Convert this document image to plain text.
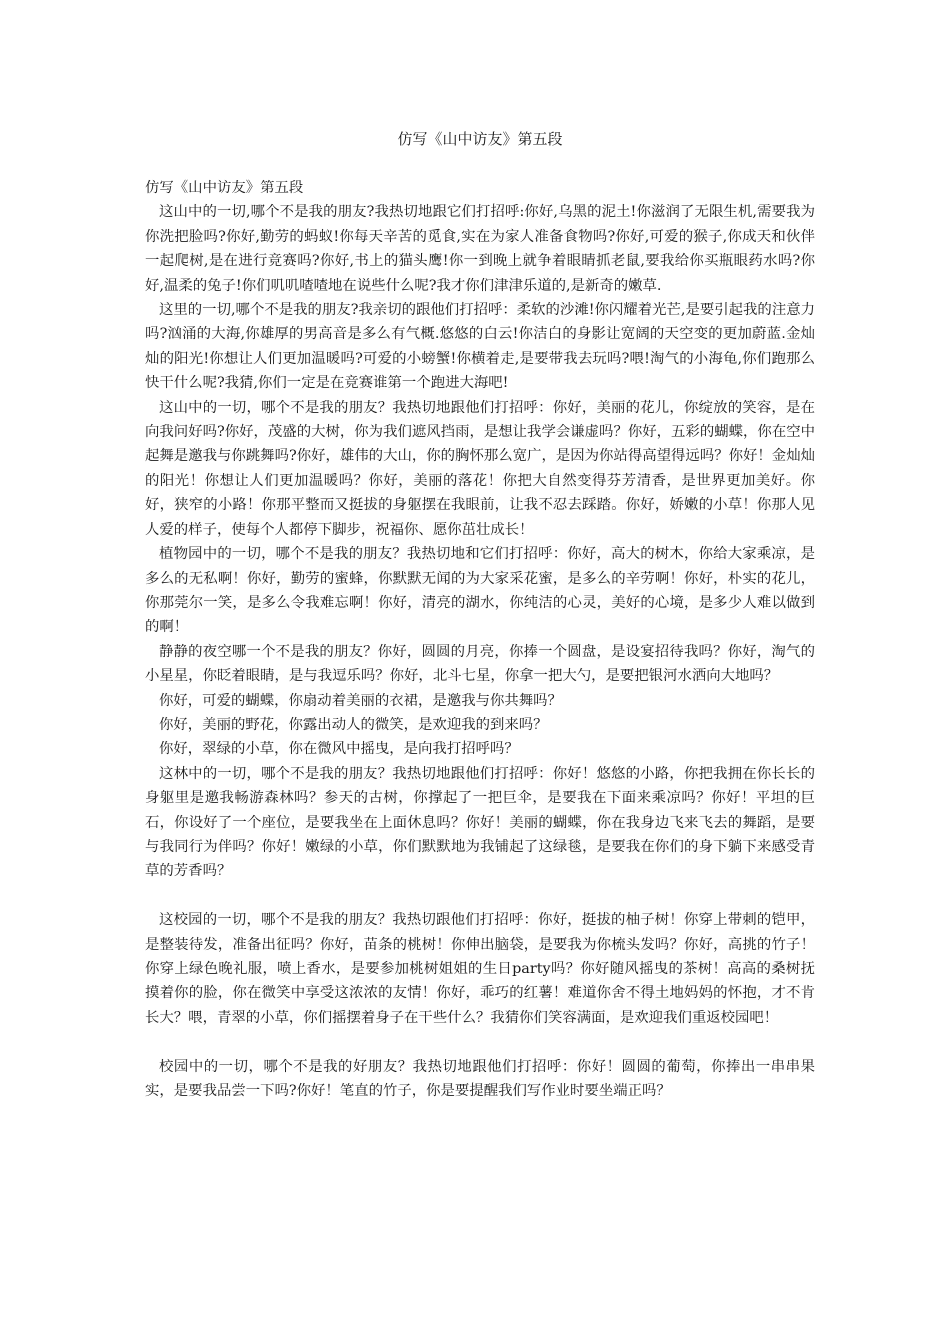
仿写《山中访友》第五段

仿写《山中访友》第五段

这山中的一切,哪个不是我的朋友?我热切地跟它们打招呼:你好,乌黑的泥土!你滋润了无限生机,需要我为你洗把脸吗?你好,勤劳的蚂蚁!你每天辛苦的觅食,实在为家人准备食物吗?你好,可爱的猴子,你成天和伙伴一起爬树,是在进行竞赛吗?你好,书上的猫头鹰!你一到晚上就争着眼睛抓老鼠,要我给你买瓶眼药水吗?你好,温柔的兔子!你们叽叽喳喳地在说些什么呢?我才你们津津乐道的,是新奇的嫩草.

这里的一切,哪个不是我的朋友?我亲切的跟他们打招呼：柔软的沙滩!你闪耀着光芒,是要引起我的注意力吗?汹涌的大海,你雄厚的男高音是多么有气概.悠悠的白云!你洁白的身影让宽阔的天空变的更加蔚蓝.金灿灿的阳光!你想让人们更加温暖吗?可爱的小螃蟹!你横着走,是要带我去玩吗?喂!淘气的小海龟,你们跑那么快干什么呢?我猜,你们一定是在竞赛谁第一个跑进大海吧!

这山中的一切，哪个不是我的朋友？我热切地跟他们打招呼：你好，美丽的花儿，你绽放的笑容，是在向我问好吗?你好，茂盛的大树，你为我们遮风挡雨，是想让我学会谦虚吗？你好，五彩的蝴蝶，你在空中起舞是邀我与你跳舞吗?你好，雄伟的大山，你的胸怀那么宽广，是因为你站得高望得远吗？你好！金灿灿的阳光！你想让人们更加温暖吗？你好，美丽的落花！你把大自然变得芬芳清香，是世界更加美好。你好，狭窄的小路！你那平整而又挺拔的身躯摆在我眼前，让我不忍去踩踏。你好，娇嫩的小草！你那人见人爱的样子，使每个人都停下脚步，祝福你、愿你茁壮成长！

植物园中的一切，哪个不是我的朋友？我热切地和它们打招呼：你好，高大的树木，你给大家乘凉，是多么的无私啊！你好，勤劳的蜜蜂，你默默无闻的为大家采花蜜，是多么的辛劳啊！你好，朴实的花儿，你那莞尔一笑，是多么令我难忘啊！你好，清亮的湖水，你纯洁的心灵，美好的心境，是多少人难以做到的啊！

静静的夜空哪一个不是我的朋友？你好，圆圆的月亮，你捧一个圆盘，是设宴招待我吗？你好，淘气的小星星，你眨着眼睛，是与我逗乐吗？你好，北斗七星，你拿一把大勺，是要把银河水洒向大地吗？

你好，可爱的蝴蝶，你扇动着美丽的衣裙，是邀我与你共舞吗？

你好，美丽的野花，你露出动人的微笑，是欢迎我的到来吗？

你好，翠绿的小草，你在微风中摇曳，是向我打招呼吗？

这林中的一切，哪个不是我的朋友？我热切地跟他们打招呼：你好！悠悠的小路，你把我拥在你长长的身躯里是邀我畅游森林吗？参天的古树，你撑起了一把巨伞，是要我在下面来乘凉吗？你好！平坦的巨石，你设好了一个座位，是要我坐在上面休息吗？你好！美丽的蝴蝶，你在我身边飞来飞去的舞蹈，是要与我同行为伴吗？你好！嫩绿的小草，你们默默地为我铺起了这绿毯，是要我在你们的身下躺下来感受青草的芳香吗？

这校园的一切，哪个不是我的朋友？我热切跟他们打招呼：你好，挺拔的柚子树！你穿上带刺的铠甲，是整装待发，准备出征吗？你好，苗条的桃树！你伸出脑袋，是要我为你梳头发吗？你好，高挑的竹子！你穿上绿色晚礼服，喷上香水，是要参加桃树姐姐的生日party吗？你好随风摇曳的茶树！高高的桑树抚摸着你的脸，你在微笑中享受这浓浓的友情！你好，乖巧的红薯！难道你舍不得土地妈妈的怀抱，才不肯长大？喂，青翠的小草，你们摇摆着身子在干些什么？我猜你们笑容满面，是欢迎我们重返校园吧！

校园中的一切，哪个不是我的好朋友？我热切地跟他们打招呼：你好！圆圆的葡萄，你捧出一串串果实，是要我品尝一下吗?你好！笔直的竹子，你是要提醒我们写作业时要坐端正吗？
